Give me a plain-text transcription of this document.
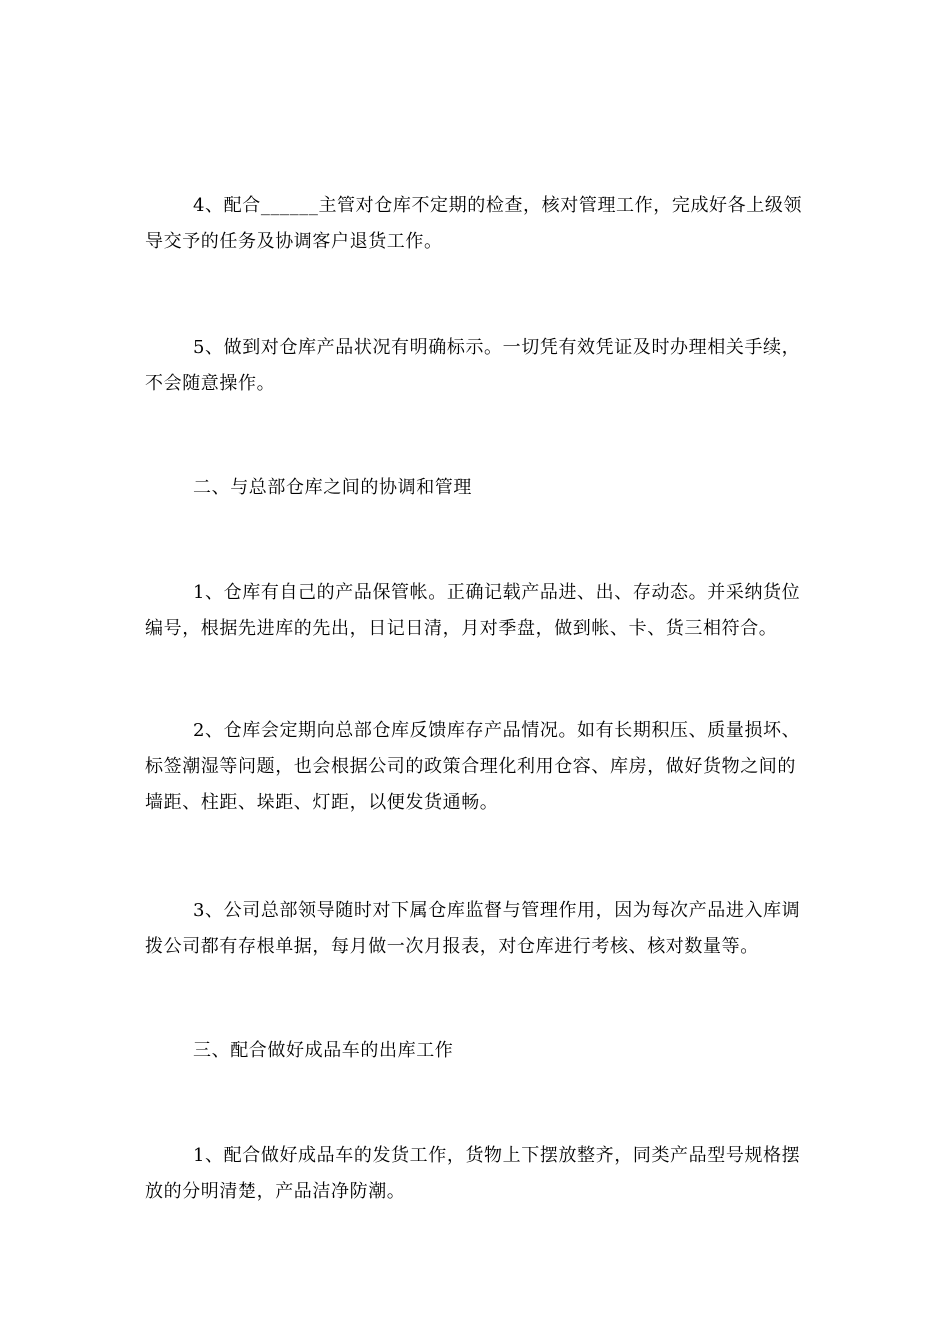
4、配合______主管对仓库不定期的检查，核对管理工作，完成好各上级领导交予的任务及协调客户退货工作。

5、做到对仓库产品状况有明确标示。一切凭有效凭证及时办理相关手续，不会随意操作。

二、与总部仓库之间的协调和管理

1、仓库有自己的产品保管帐。正确记载产品进、出、存动态。并采纳货位编号，根据先进库的先出，日记日清，月对季盘，做到帐、卡、货三相符合。

2、仓库会定期向总部仓库反馈库存产品情况。如有长期积压、质量损坏、标签潮湿等问题，也会根据公司的政策合理化利用仓容、库房，做好货物之间的墙距、柱距、垛距、灯距，以便发货通畅。

3、公司总部领导随时对下属仓库监督与管理作用，因为每次产品进入库调拨公司都有存根单据，每月做一次月报表，对仓库进行考核、核对数量等。

三、配合做好成品车的出库工作

1、配合做好成品车的发货工作，货物上下摆放整齐，同类产品型号规格摆放的分明清楚，产品洁净防潮。
